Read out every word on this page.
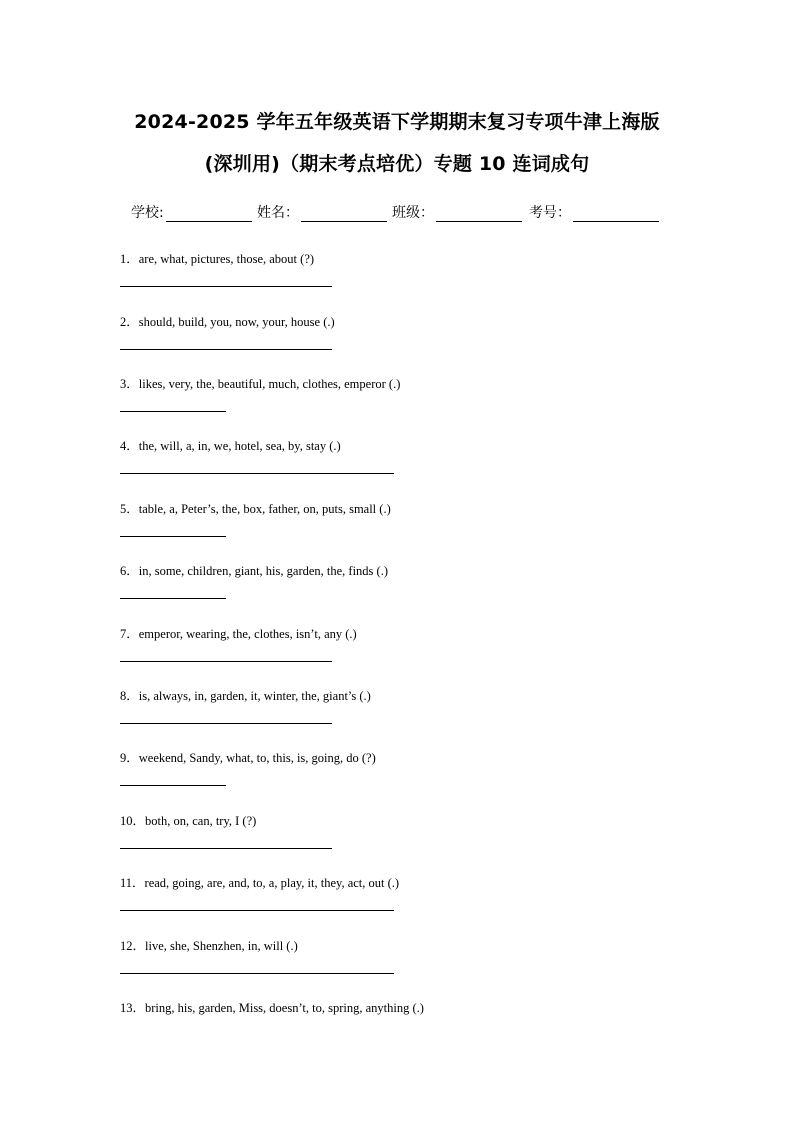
2024-2025 学年五年级英语下学期期末复习专项牛津上海版
(深圳用)（期末考点培优）专题 10 连词成句
学校:	姓名：	班级：	考号：
1．are, what, pictures, those, about (?)
2．should, build, you, now, your, house (.)
3．likes, very, the, beautiful, much, clothes, emperor (.)
4．the, will, a, in, we, hotel, sea, by, stay (.)
5．table, a, Peter’s, the, box, father, on, puts, small (.)
6．in, some, children, giant, his, garden, the, finds (.)
7．emperor, wearing, the, clothes, isn’t, any (.)
8．is, always, in, garden, it, winter, the, giant’s (.)
9．weekend, Sandy, what, to, this, is, going, do (?)
10．both, on, can, try, I (?)
11．read, going, are, and, to, a, play, it, they, act, out (.)
12．live, she, Shenzhen, in, will (.)
13．bring, his, garden, Miss, doesn’t, to, spring, anything (.)
